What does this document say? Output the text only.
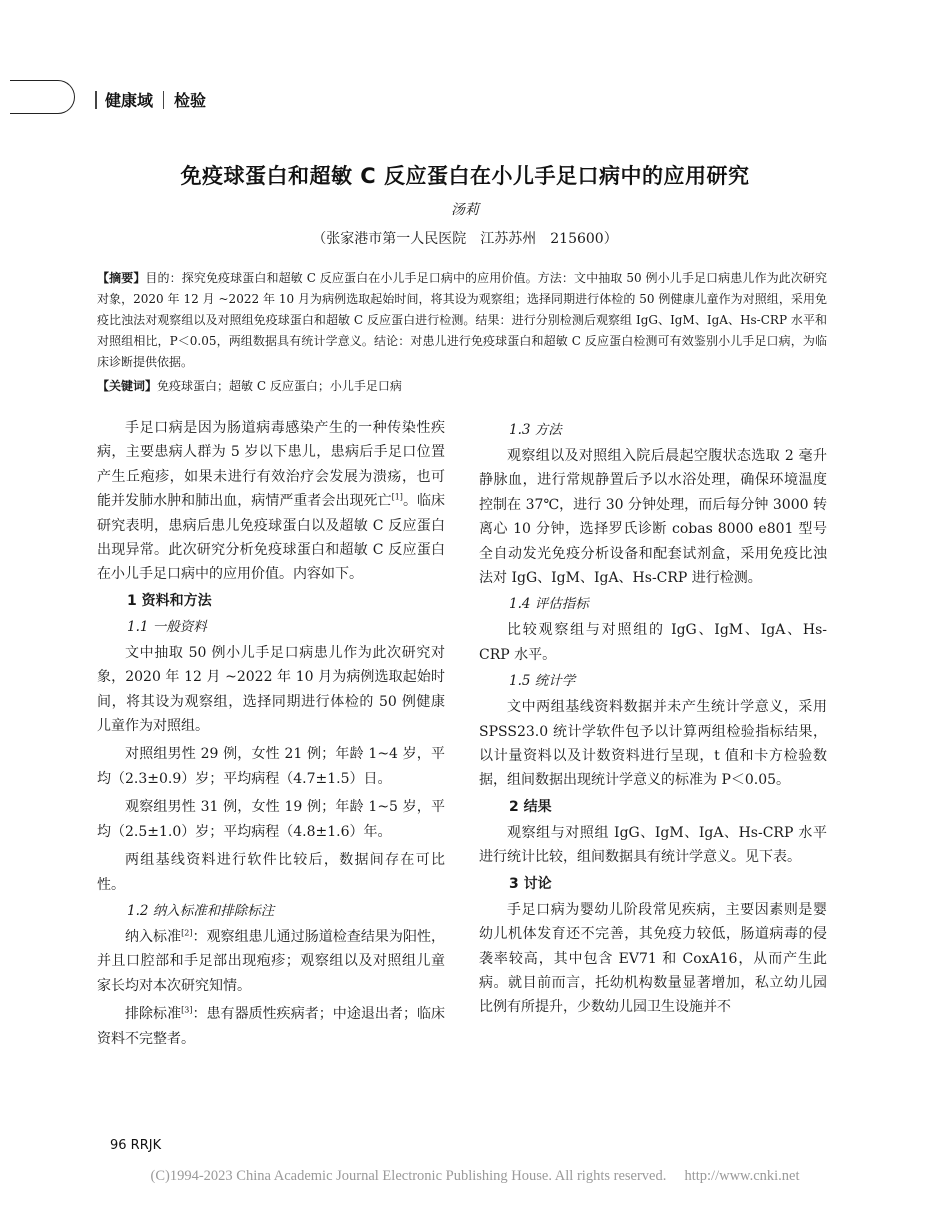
健康域 检验
免疫球蛋白和超敏 C 反应蛋白在小儿手足口病中的应用研究
汤莉
（张家港市第一人民医院　江苏苏州　215600）
【摘要】目的：探究免疫球蛋白和超敏 C 反应蛋白在小儿手足口病中的应用价值。方法：文中抽取 50 例小儿手足口病患儿作为此次研究对象，2020 年 12 月 ~2022 年 10 月为病例选取起始时间，将其设为观察组；选择同期进行体检的 50 例健康儿童作为对照组，采用免疫比浊法对观察组以及对照组免疫球蛋白和超敏 C 反应蛋白进行检测。结果：进行分别检测后观察组 IgG、IgM、IgA、Hs-CRP 水平和对照组相比，P＜0.05，两组数据具有统计学意义。结论：对患儿进行免疫球蛋白和超敏 C 反应蛋白检测可有效鉴别小儿手足口病，为临床诊断提供依据。
【关键词】免疫球蛋白；超敏 C 反应蛋白；小儿手足口病

手足口病是因为肠道病毒感染产生的一种传染性疾病，主要患病人群为 5 岁以下患儿，患病后手足口位置产生丘疱疹，如果未进行有效治疗会发展为溃疡，也可能并发肺水肿和肺出血，病情严重者会出现死亡[1]。临床研究表明，患病后患儿免疫球蛋白以及超敏 C 反应蛋白出现异常。此次研究分析免疫球蛋白和超敏 C 反应蛋白在小儿手足口病中的应用价值。内容如下。

1 资料和方法
1.1 一般资料

文中抽取 50 例小儿手足口病患儿作为此次研究对象，2020 年 12 月 ~2022 年 10 月为病例选取起始时间，将其设为观察组，选择同期进行体检的 50 例健康儿童作为对照组。

对照组男性 29 例，女性 21 例；年龄 1~4 岁，平均（2.3±0.9）岁；平均病程（4.7±1.5）日。

观察组男性 31 例，女性 19 例；年龄 1~5 岁，平均（2.5±1.0）岁；平均病程（4.8±1.6）年。

两组基线资料进行软件比较后，数据间存在可比性。

1.2 纳入标准和排除标注

纳入标准[2]：观察组患儿通过肠道检查结果为阳性，并且口腔部和手足部出现疱疹；观察组以及对照组儿童家长均对本次研究知情。

排除标准[3]：患有器质性疾病者；中途退出者；临床资料不完整者。

1.3 方法

观察组以及对照组入院后晨起空腹状态选取 2 毫升静脉血，进行常规静置后予以水浴处理，确保环境温度控制在 37℃，进行 30 分钟处理，而后每分钟 3000 转离心 10 分钟，选择罗氏诊断 cobas 8000 e801 型号全自动发光免疫分析设备和配套试剂盒，采用免疫比浊法对 IgG、IgM、IgA、Hs-CRP 进行检测。

1.4 评估指标

比较观察组与对照组的 IgG、IgM、IgA、Hs-CRP 水平。

1.5 统计学

文中两组基线资料数据并未产生统计学意义，采用 SPSS23.0 统计学软件包予以计算两组检验指标结果，以计量资料以及计数资料进行呈现，t 值和卡方检验数据，组间数据出现统计学意义的标准为 P＜0.05。

2 结果

观察组与对照组 IgG、IgM、IgA、Hs-CRP 水平进行统计比较，组间数据具有统计学意义。见下表。

3 讨论

手足口病为婴幼儿阶段常见疾病，主要因素则是婴幼儿机体发育还不完善，其免疫力较低，肠道病毒的侵袭率较高，其中包含 EV71 和 CoxA16，从而产生此病。就目前而言，托幼机构数量显著增加，私立幼儿园比例有所提升，少数幼儿园卫生设施并不

96 RRJK
(C)1994-2023 China Academic Journal Electronic Publishing House. All rights reserved.　 http://www.cnki.net
